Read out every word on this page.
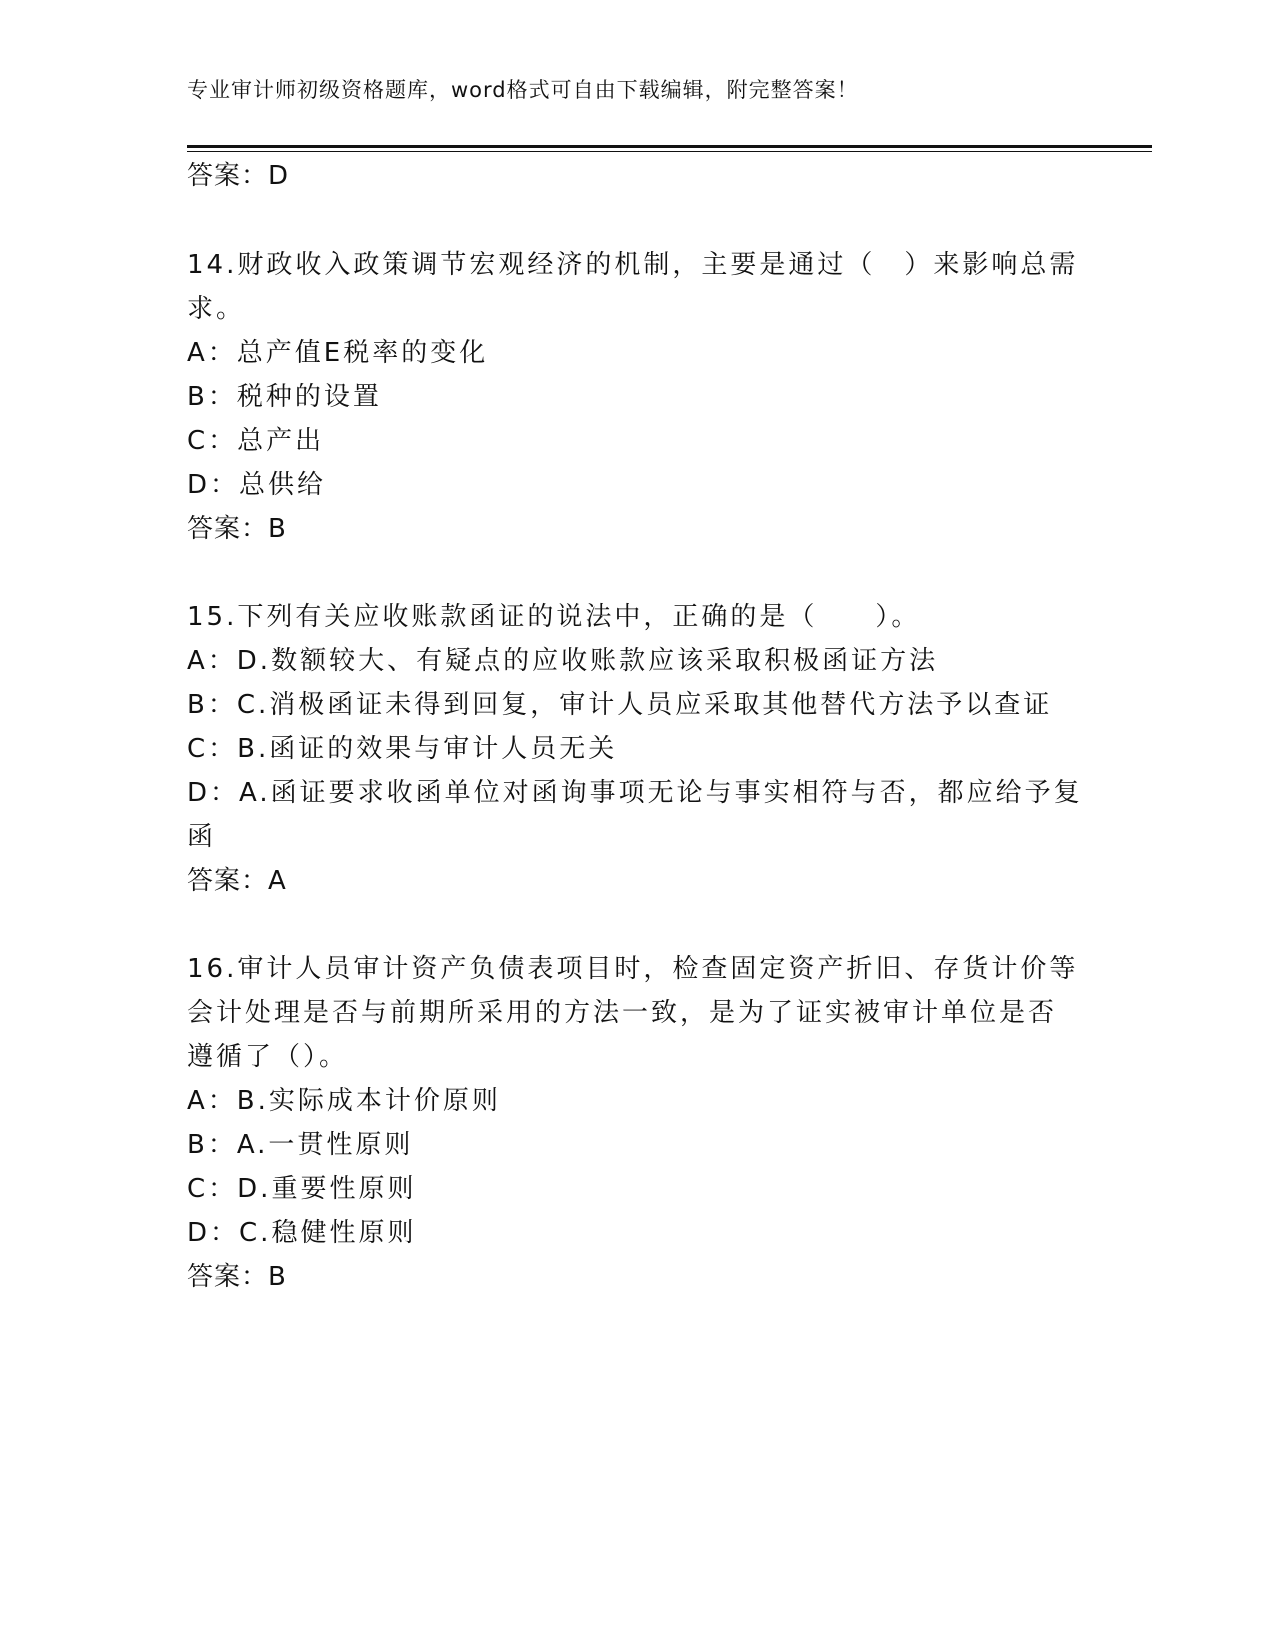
专业审计师初级资格题库，word格式可自由下载编辑，附完整答案！
答案：D
14.财政收入政策调节宏观经济的机制，主要是通过（　）来影响总需
求。
A：总产值E税率的变化
B：税种的设置
C：总产出
D：总供给
答案：B
15.下列有关应收账款函证的说法中，正确的是（　　）。
A：D.数额较大、有疑点的应收账款应该采取积极函证方法
B：C.消极函证未得到回复，审计人员应采取其他替代方法予以查证
C：B.函证的效果与审计人员无关
D：A.函证要求收函单位对函询事项无论与事实相符与否，都应给予复
函
答案：A
16.审计人员审计资产负债表项目时，检查固定资产折旧、存货计价等
会计处理是否与前期所采用的方法一致，是为了证实被审计单位是否
遵循了（）。
A：B.实际成本计价原则
B：A.一贯性原则
C：D.重要性原则
D：C.稳健性原则
答案：B
